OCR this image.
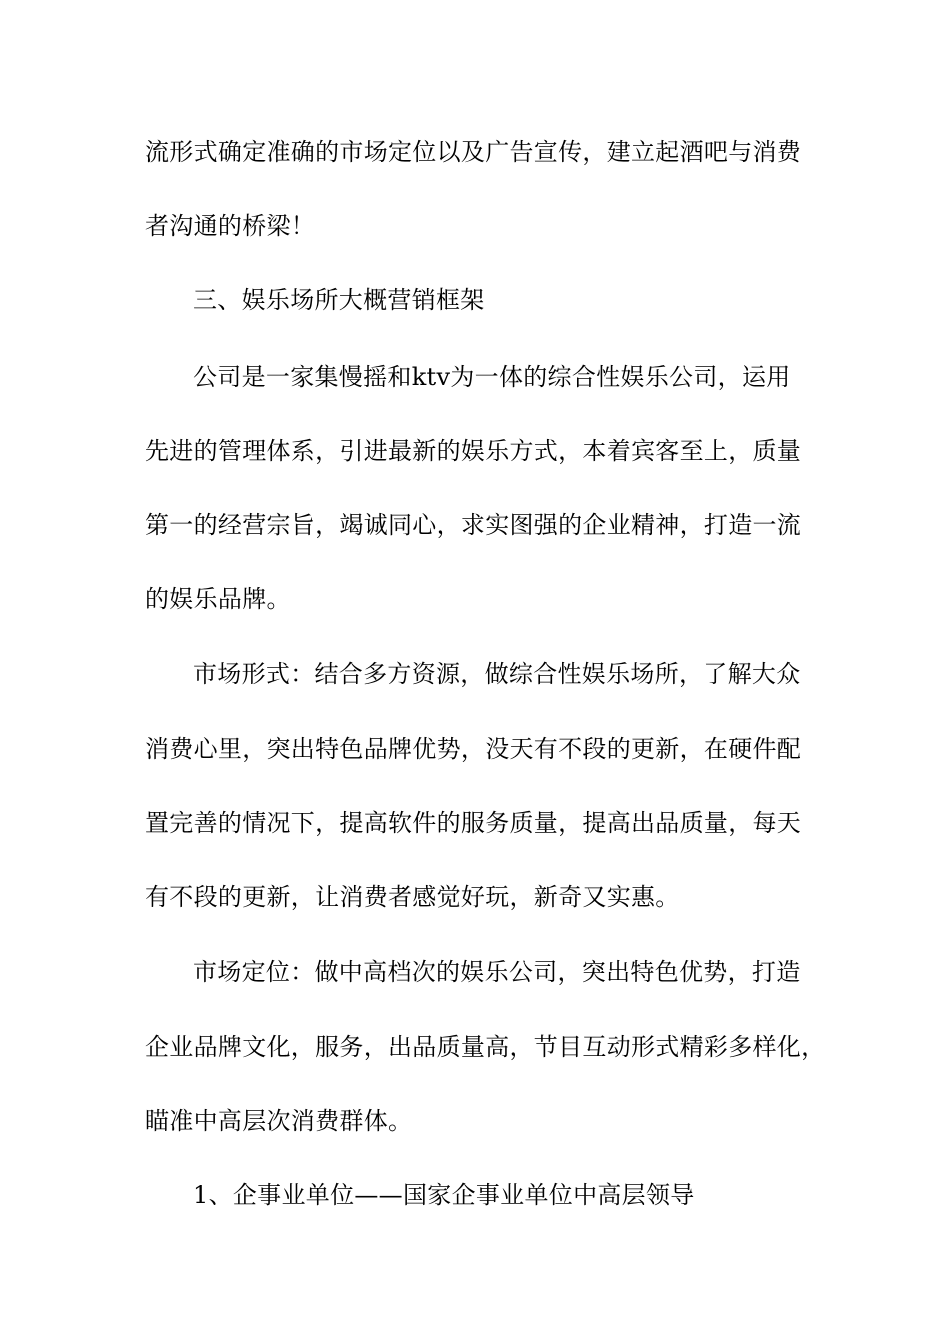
流形式确定准确的市场定位以及广告宣传，建立起酒吧与消费
者沟通的桥梁！
三、娱乐场所大概营销框架
公司是一家集慢摇和ktv为一体的综合性娱乐公司，运用
先进的管理体系，引进最新的娱乐方式，本着宾客至上，质量
第一的经营宗旨，竭诚同心，求实图强的企业精神，打造一流
的娱乐品牌。
市场形式：结合多方资源，做综合性娱乐场所，了解大众
消费心里，突出特色品牌优势，没天有不段的更新，在硬件配
置完善的情况下，提高软件的服务质量，提高出品质量，每天
有不段的更新，让消费者感觉好玩，新奇又实惠。
市场定位：做中高档次的娱乐公司，突出特色优势，打造
企业品牌文化，服务，出品质量高，节目互动形式精彩多样化，
瞄准中高层次消费群体。
1、企事业单位——国家企事业单位中高层领导
